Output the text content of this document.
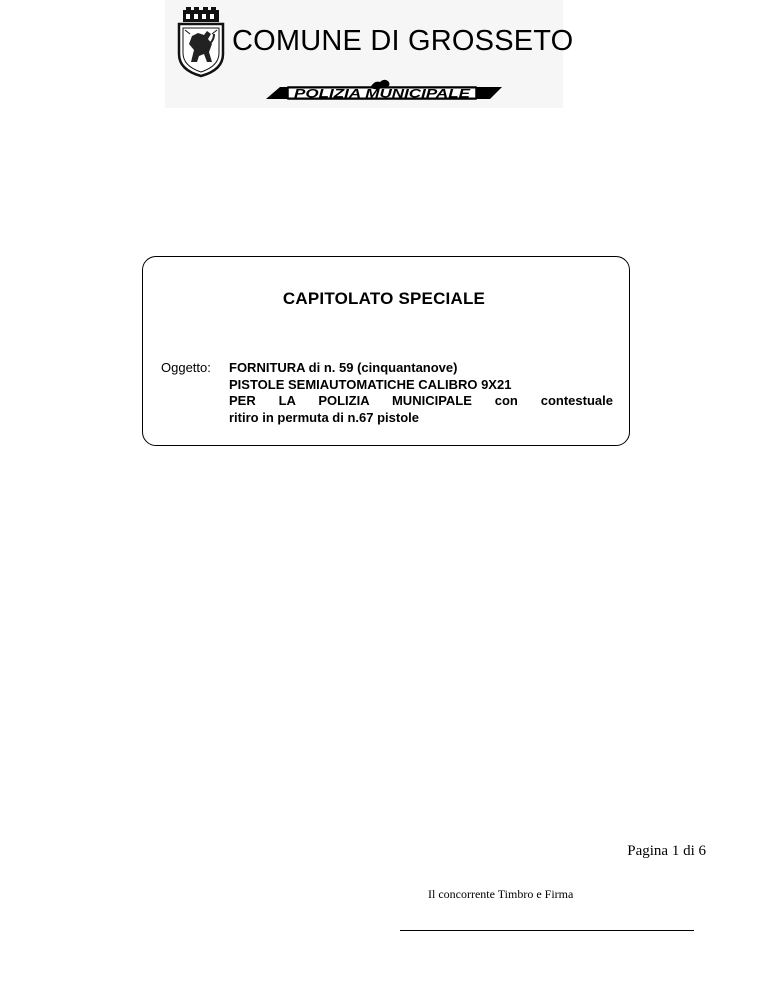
COMUNE DI GROSSETO
POLIZIA MUNICIPALE
CAPITOLATO SPECIALE
Oggetto: FORNITURA di n. 59 (cinquantanove)
PISTOLE SEMIAUTOMATICHE CALIBRO 9X21
PER LA POLIZIA MUNICIPALE con contestuale
ritiro in permuta di n.67 pistole
Pagina 1 di 6
Il concorrente Timbro e Firma
